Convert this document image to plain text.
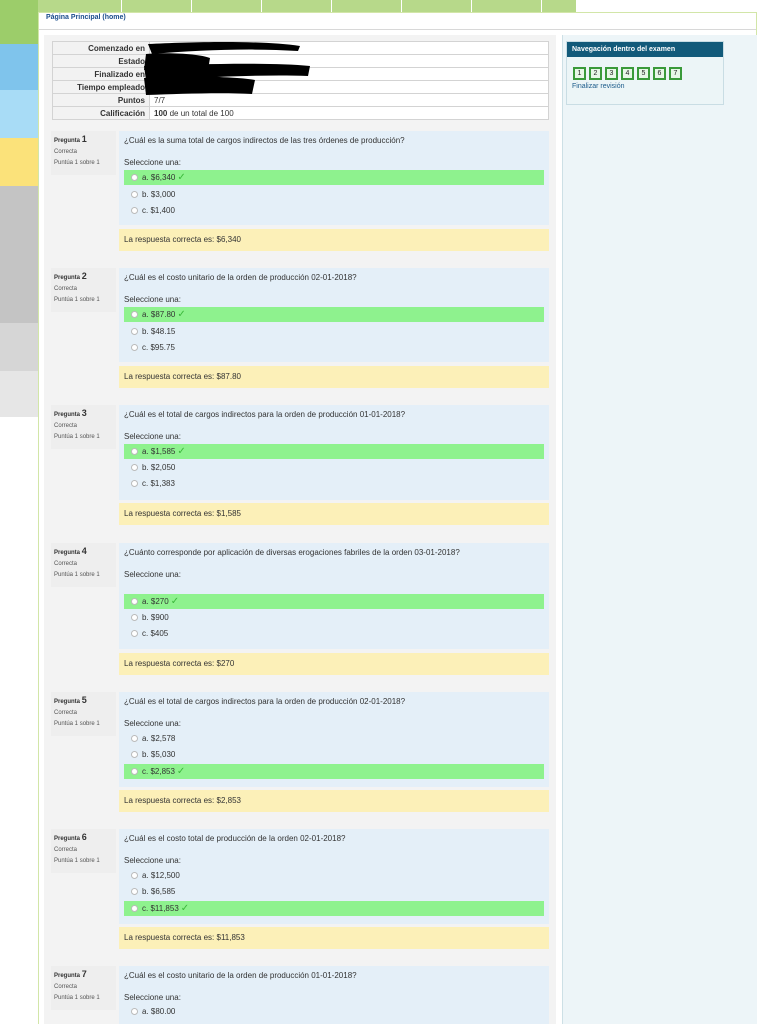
Página Principal (home)
Comenzado en	
Estado	
Finalizado en	
Tiempo empleado	
Puntos	7/7
Calificación	100 de un total de 100
Navegación dentro del examen
1	2	3	4	5	6	7
Finalizar revisión
Pregunta 1
Correcta
Puntúa 1 sobre 1
¿Cuál es la suma total de cargos indirectos de las tres órdenes de producción?
Seleccione una:
a. $6,340 ✓
b. $3,000
c. $1,400
La respuesta correcta es: $6,340
Pregunta 2
Correcta
Puntúa 1 sobre 1
¿Cuál es el costo unitario de la orden de producción 02-01-2018?
Seleccione una:
a. $87.80 ✓
b. $48.15
c. $95.75
La respuesta correcta es: $87.80
Pregunta 3
Correcta
Puntúa 1 sobre 1
¿Cuál es el total de cargos indirectos para la orden de producción 01-01-2018?
Seleccione una:
a. $1,585 ✓
b. $2,050
c. $1,383
La respuesta correcta es: $1,585
Pregunta 4
Correcta
Puntúa 1 sobre 1
¿Cuánto corresponde por aplicación de diversas erogaciones fabriles de la orden 03-01-2018?
Seleccione una:
a. $270 ✓
b. $900
c. $405
La respuesta correcta es: $270
Pregunta 5
Correcta
Puntúa 1 sobre 1
¿Cuál es el total de cargos indirectos para la orden de producción 02-01-2018?
Seleccione una:
a. $2,578
b. $5,030
c. $2,853 ✓
La respuesta correcta es: $2,853
Pregunta 6
Correcta
Puntúa 1 sobre 1
¿Cuál es el costo total de producción de la orden 02-01-2018?
Seleccione una:
a. $12,500
b. $6,585
c. $11,853 ✓
La respuesta correcta es: $11,853
Pregunta 7
Correcta
Puntúa 1 sobre 1
¿Cuál es el costo unitario de la orden de producción 01-01-2018?
Seleccione una:
a. $80.00
